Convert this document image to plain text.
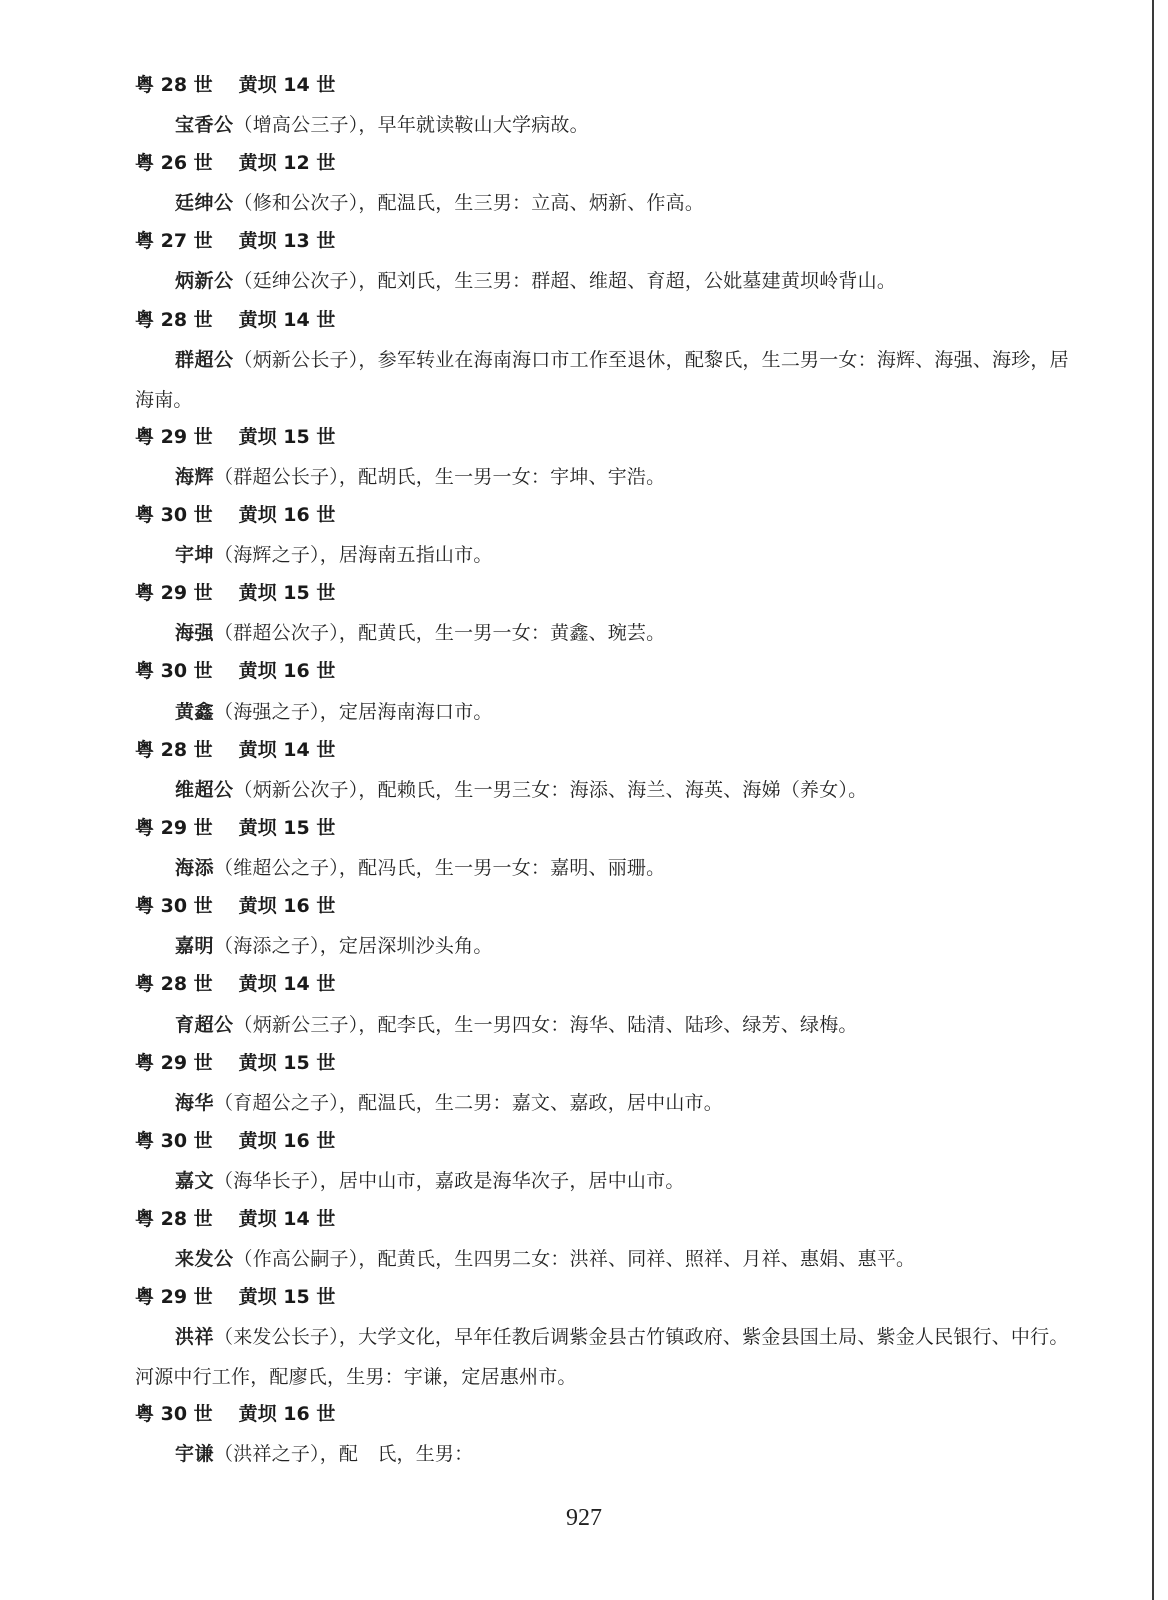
粤 28 世 黄坝 14 世
宝香公（增高公三子），早年就读鞍山大学病故。
粤 26 世 黄坝 12 世
廷绅公（修和公次子），配温氏，生三男：立高、炳新、作高。
粤 27 世 黄坝 13 世
炳新公（廷绅公次子），配刘氏，生三男：群超、维超、育超，公妣墓建黄坝岭背山。
粤 28 世 黄坝 14 世
群超公（炳新公长子），参军转业在海南海口市工作至退休，配黎氏，生二男一女：海辉、海强、海珍，居海南。
粤 29 世 黄坝 15 世
海辉（群超公长子），配胡氏，生一男一女：宇坤、宇浩。
粤 30 世 黄坝 16 世
宇坤（海辉之子），居海南五指山市。
粤 29 世 黄坝 15 世
海强（群超公次子），配黄氏，生一男一女：黄鑫、琬芸。
粤 30 世 黄坝 16 世
黄鑫（海强之子），定居海南海口市。
粤 28 世 黄坝 14 世
维超公（炳新公次子），配赖氏，生一男三女：海添、海兰、海英、海娣（养女）。
粤 29 世 黄坝 15 世
海添（维超公之子），配冯氏，生一男一女：嘉明、丽珊。
粤 30 世 黄坝 16 世
嘉明（海添之子），定居深圳沙头角。
粤 28 世 黄坝 14 世
育超公（炳新公三子），配李氏，生一男四女：海华、陆清、陆珍、绿芳、绿梅。
粤 29 世 黄坝 15 世
海华（育超公之子），配温氏，生二男：嘉文、嘉政，居中山市。
粤 30 世 黄坝 16 世
嘉文（海华长子），居中山市，嘉政是海华次子，居中山市。
粤 28 世 黄坝 14 世
来发公（作高公嗣子），配黄氏，生四男二女：洪祥、同祥、照祥、月祥、惠娟、惠平。
粤 29 世 黄坝 15 世
洪祥（来发公长子），大学文化，早年任教后调紫金县古竹镇政府、紫金县国土局、紫金人民银行、中行。河源中行工作，配廖氏，生男：宇谦，定居惠州市。
粤 30 世 黄坝 16 世
宇谦（洪祥之子），配　氏，生男：
927
